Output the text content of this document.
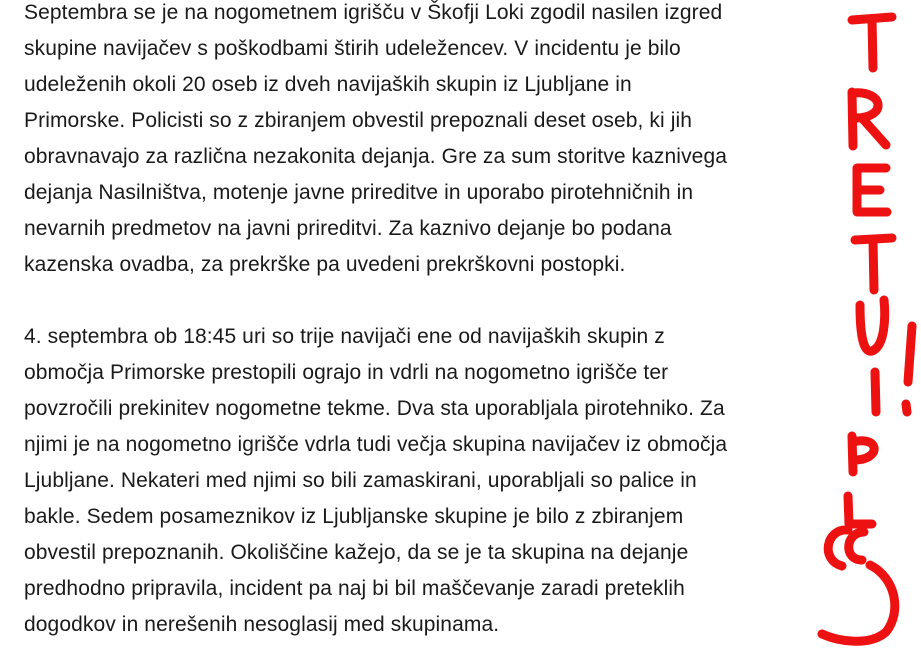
Septembra se je na nogometnem igrišču v Škofji Loki zgodil nasilen izgred
skupine navijačev s poškodbami štirih udeležencev. V incidentu je bilo
udeleženih okoli 20 oseb iz dveh navijaških skupin iz Ljubljane in
Primorske. Policisti so z zbiranjem obvestil prepoznali deset oseb, ki jih
obravnavajo za različna nezakonita dejanja. Gre za sum storitve kaznivega
dejanja Nasilništva, motenje javne prireditve in uporabo pirotehničnih in
nevarnih predmetov na javni prireditvi. Za kaznivo dejanje bo podana
kazenska ovadba, za prekrške pa uvedeni prekrškovni postopki.
4. septembra ob 18:45 uri so trije navijači ene od navijaških skupin z
območja Primorske prestopili ograjo in vdrli na nogometno igrišče ter
povzročili prekinitev nogometne tekme. Dva sta uporabljala pirotehniko. Za
njimi je na nogometno igrišče vdrla tudi večja skupina navijačev iz območja
Ljubljane. Nekateri med njimi so bili zamaskirani, uporabljali so palice in
bakle. Sedem posameznikov iz Ljubljanske skupine je bilo z zbiranjem
obvestil prepoznanih. Okoliščine kažejo, da se je ta skupina na dejanje
predhodno pripravila, incident pa naj bi bil maščevanje zaradi preteklih
dogodkov in nerešenih nesoglasij med skupinama.
